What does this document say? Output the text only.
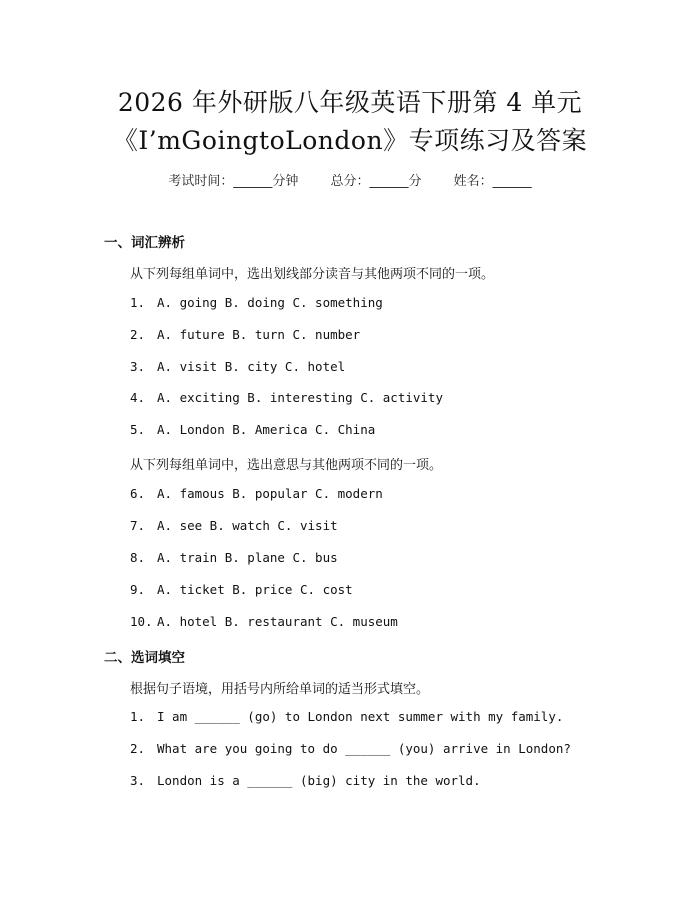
2026 年外研版八年级英语下册第 4 单元
《I’mGoingtoLondon》专项练习及答案
考试时间：______分钟 总分：______分 姓名：______
一、词汇辨析
从下列每组单词中，选出划线部分读音与其他两项不同的一项。
1. A. going B. doing C. something
2. A. future B. turn C. number
3. A. visit B. city C. hotel
4. A. exciting B. interesting C. activity
5. A. London B. America C. China
从下列每组单词中，选出意思与其他两项不同的一项。
6. A. famous B. popular C. modern
7. A. see B. watch C. visit
8. A. train B. plane C. bus
9. A. ticket B. price C. cost
10. A. hotel B. restaurant C. museum
二、选词填空
根据句子语境，用括号内所给单词的适当形式填空。
1. I am ______ (go) to London next summer with my family.
2. What are you going to do ______ (you) arrive in London?
3. London is a ______ (big) city in the world.
